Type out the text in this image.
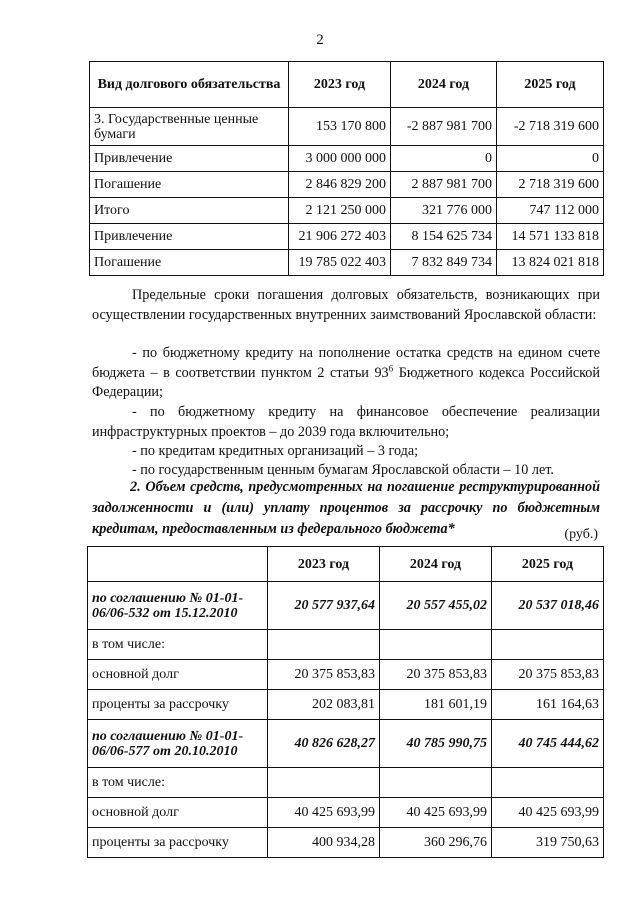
2
Вид долгового обязательства	2023 год	2024 год	2025 год
3. Государственные ценные бумаги	153 170 800	-2 887 981 700	-2 718 319 600
Привлечение	3 000 000 000	0	0
Погашение	2 846 829 200	2 887 981 700	2 718 319 600
Итого	2 121 250 000	321 776 000	747 112 000
Привлечение	21 906 272 403	8 154 625 734	14 571 133 818
Погашение	19 785 022 403	7 832 849 734	13 824 021 818
Предельные сроки погашения долговых обязательств, возникающих при осуществлении государственных внутренних заимствований Ярославской области:
- по бюджетному кредиту на пополнение остатка средств на едином счете бюджета – в соответствии пунктом 2 статьи $93^6$ Бюджетного кодекса Российской Федерации;
- по бюджетному кредиту на финансовое обеспечение реализации инфраструктурных проектов – до 2039 года включительно;
- по кредитам кредитных организаций – 3 года;
- по государственным ценным бумагам Ярославской области – 10 лет.
2. Объем средств, предусмотренных на погашение реструктурированной задолженности и (или) уплату процентов за рассрочку по бюджетным кредитам, предоставленным из федерального бюджета*	(руб.)
	2023 год	2024 год	2025 год
по соглашению № 01-01-06/06-532 от 15.12.2010	20 577 937,64	20 557 455,02	20 537 018,46
в том числе:			
основной долг	20 375 853,83	20 375 853,83	20 375 853,83
проценты за рассрочку	202 083,81	181 601,19	161 164,63
по соглашению № 01-01-06/06-577 от 20.10.2010	40 826 628,27	40 785 990,75	40 745 444,62
в том числе:			
основной долг	40 425 693,99	40 425 693,99	40 425 693,99
проценты за рассрочку	400 934,28	360 296,76	319 750,63
